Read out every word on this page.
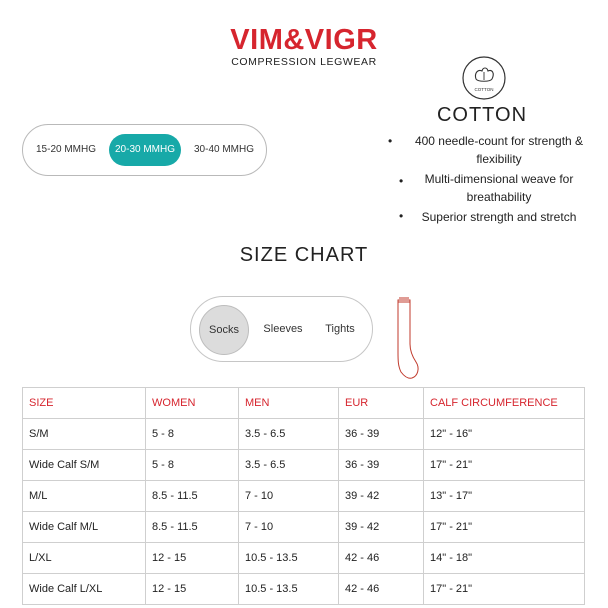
VIM&VIGR
COMPRESSION LEGWEAR
15-20 MMHG	20-30 MMHG	30-40 MMHG
COTTON
COTTON
400 needle-count for strength & flexibility
Multi-dimensional weave for breathability
Superior strength and stretch
•
•
•
SIZE CHART
Socks	Sleeves	Tights
SIZE	WOMEN	MEN	EUR	CALF CIRCUMFERENCE
S/M	5 - 8	3.5 - 6.5	36 - 39	12" - 16"
Wide Calf S/M	5 - 8	3.5 - 6.5	36 - 39	17" - 21"
M/L	8.5 - 11.5	7 - 10	39 - 42	13" - 17"
Wide Calf M/L	8.5 - 11.5	7 - 10	39 - 42	17" - 21"
L/XL	12 - 15	10.5 - 13.5	42 - 46	14" - 18"
Wide Calf L/XL	12 - 15	10.5 - 13.5	42 - 46	17" - 21"
